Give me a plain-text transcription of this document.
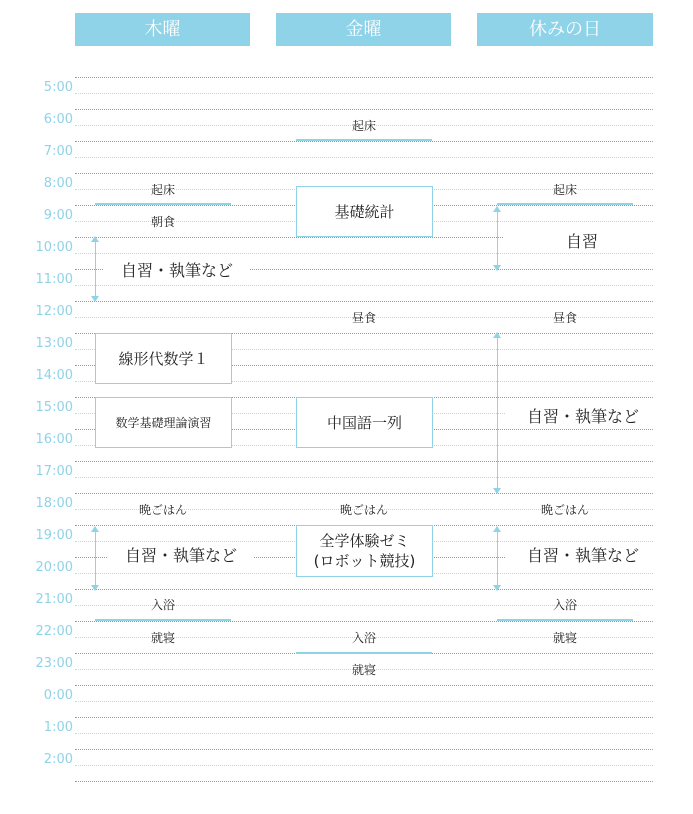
木曜	金曜	休みの日
5:00
6:00
7:00
8:00
9:00
10:00
11:00
12:00
13:00
14:00
15:00
16:00
17:00
18:00
19:00
20:00
21:00
22:00
23:00
0:00
1:00
2:00
起床
朝食
自習・執筆など
線形代数学１
数学基礎理論演習
晩ごはん
自習・執筆など
入浴
就寝
起床
基礎統計
昼食
中国語一列
晩ごはん
全学体験ゼミ
(ロボット競技)
入浴
就寝
起床
自習
昼食
自習・執筆など
晩ごはん
自習・執筆など
入浴
就寝
